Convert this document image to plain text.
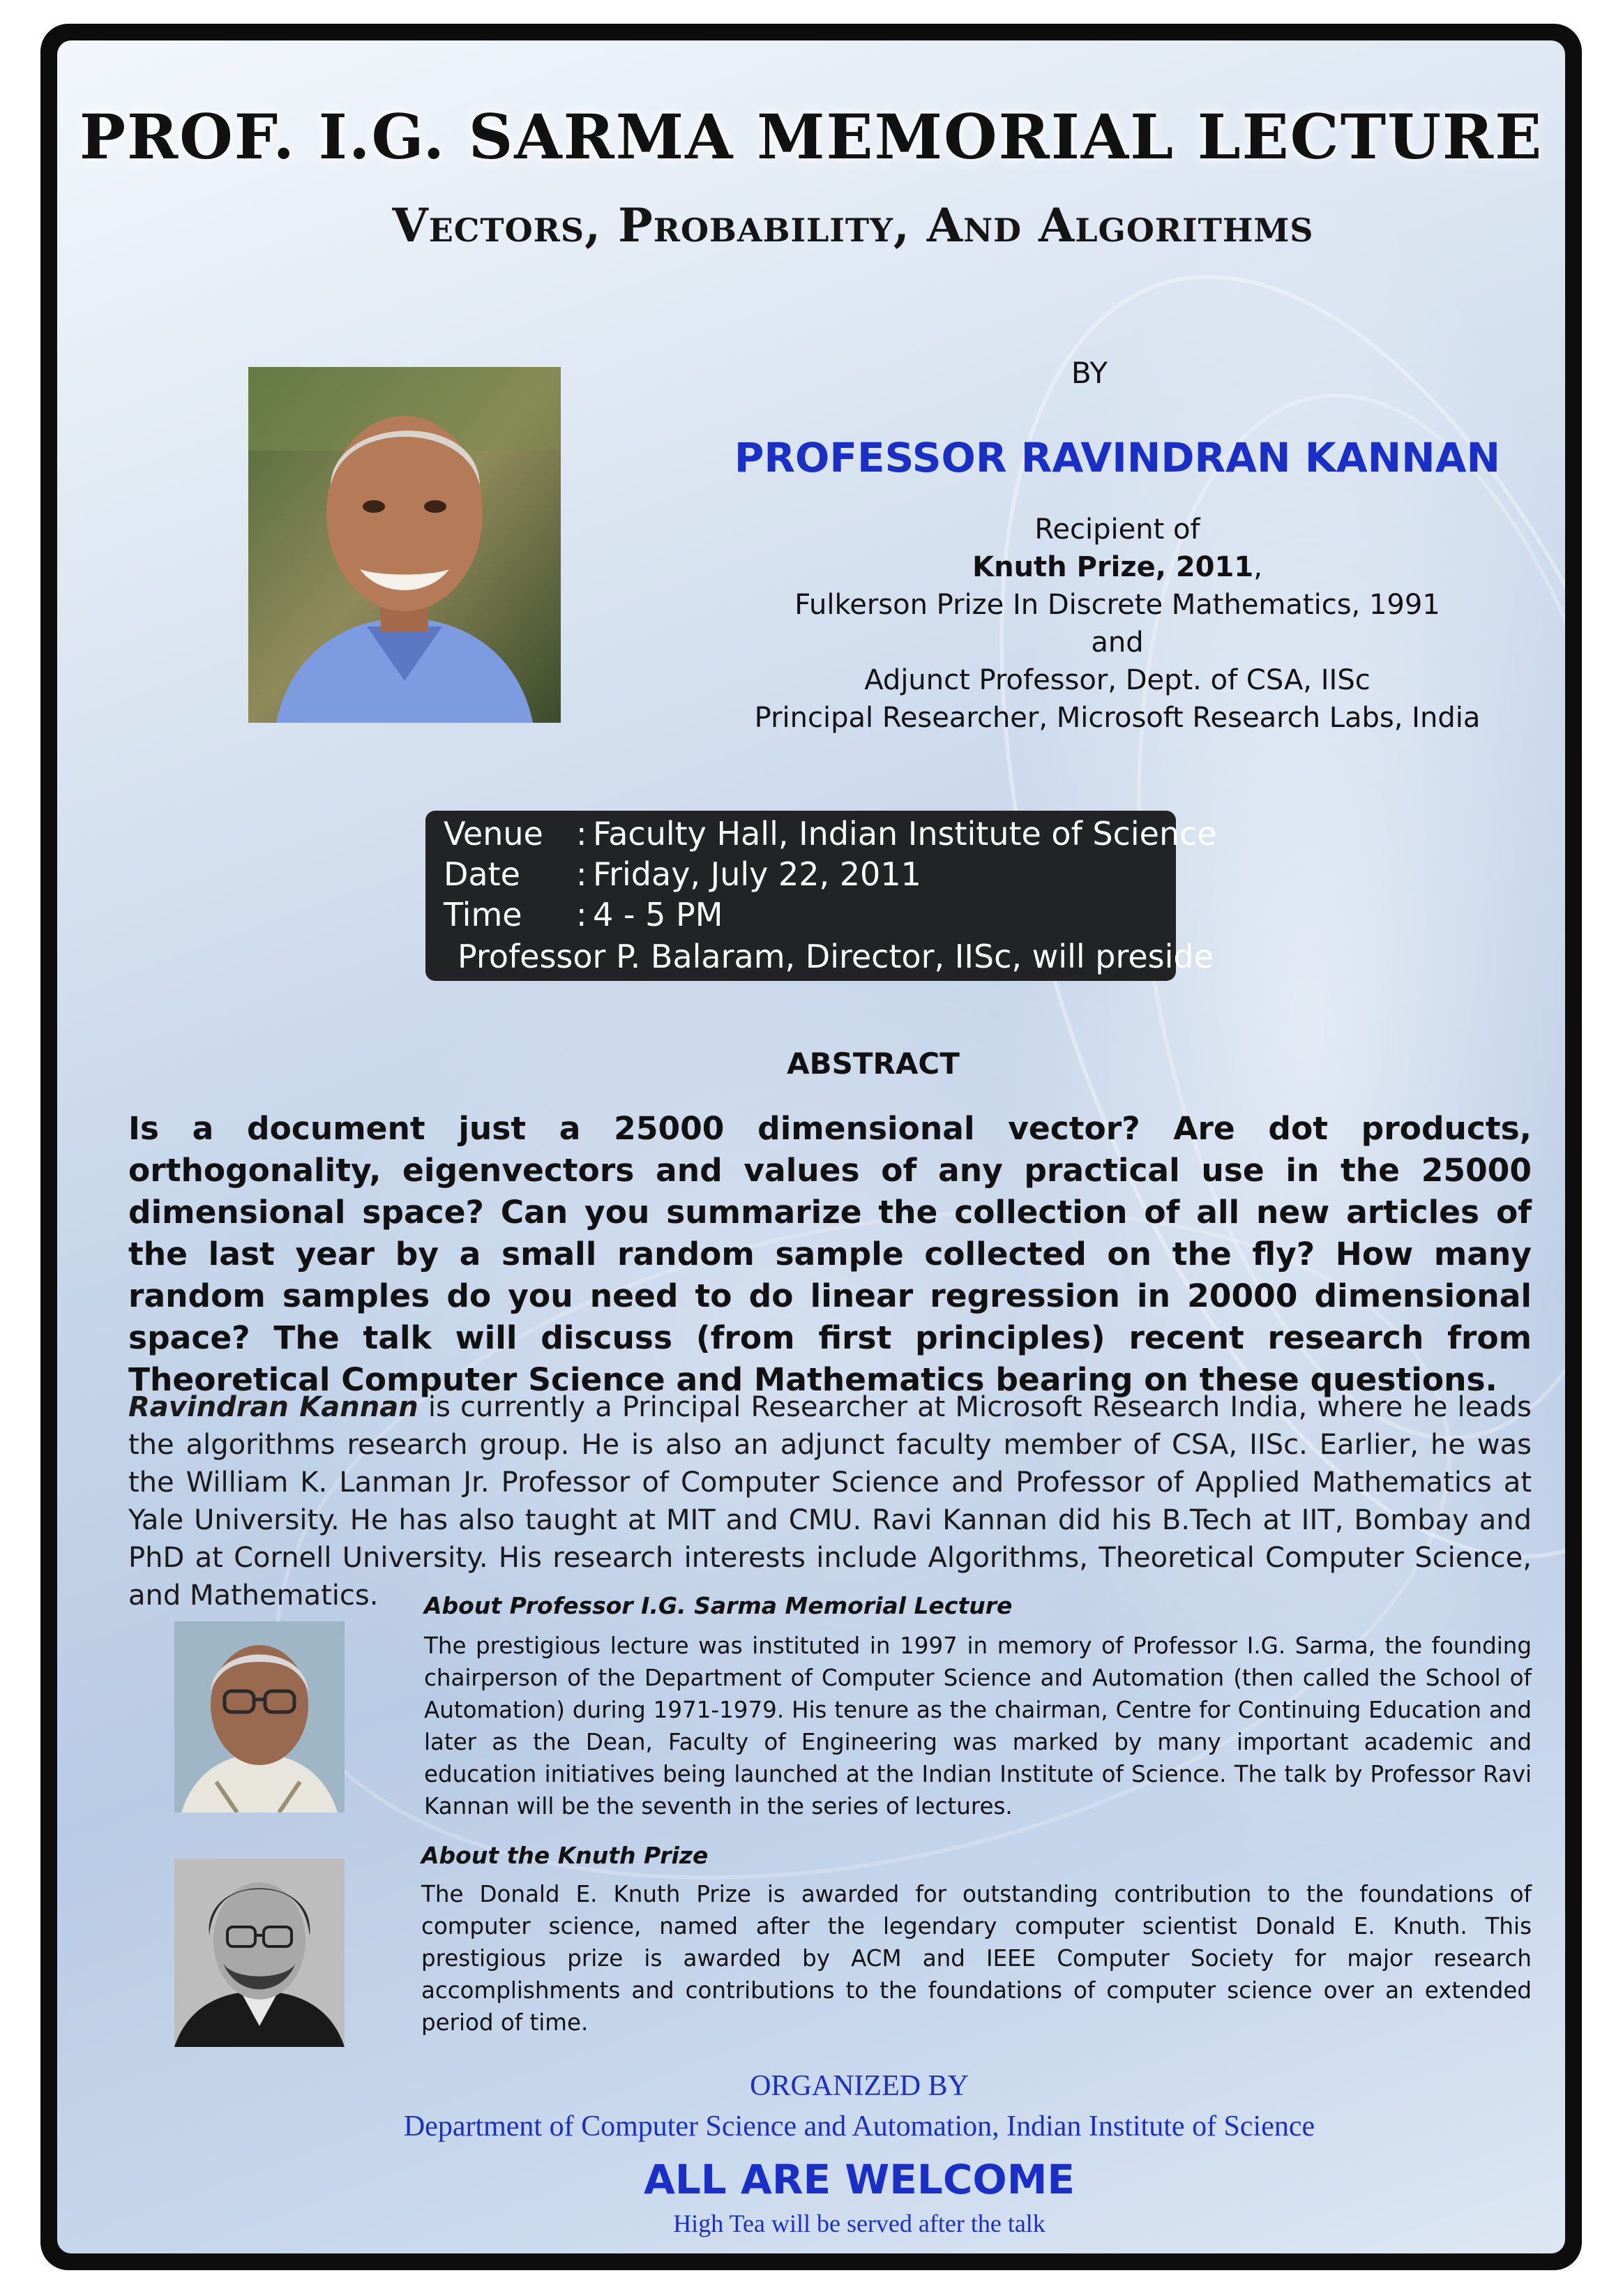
PROF. I.G. SARMA MEMORIAL LECTURE
Vectors, Probability, And Algorithms
BY
PROFESSOR RAVINDRAN KANNAN
Recipient of
Knuth Prize, 2011,
Fulkerson Prize In Discrete Mathematics, 1991
and
Adjunct Professor, Dept. of CSA, IISc
Principal Researcher, Microsoft Research Labs, India
Venue	: Faculty Hall, Indian Institute of Science
Date	: Friday, July 22, 2011
Time	: 4 - 5 PM
Professor P. Balaram, Director, IISc, will preside
ABSTRACT
Is a document just a 25000 dimensional vector? Are dot products, orthogonality, eigenvectors and values of any practical use in the 25000 dimensional space? Can you summarize the collection of all new articles of the last year by a small random sample collected on the fly? How many random samples do you need to do linear regression in 20000 dimensional space? The talk will discuss (from first principles) recent research from Theoretical Computer Science and Mathematics bearing on these questions.
Ravindran Kannan is currently a Principal Researcher at Microsoft Research India, where he leads the algorithms research group. He is also an adjunct faculty member of CSA, IISc. Earlier, he was the William K. Lanman Jr. Professor of Computer Science and Professor of Applied Mathematics at Yale University. He has also taught at MIT and CMU. Ravi Kannan did his B.Tech at IIT, Bombay and PhD at Cornell University. His research interests include Algorithms, Theoretical Computer Science, and Mathematics.	About Professor I.G. Sarma Memorial Lecture
The prestigious lecture was instituted in 1997 in memory of Professor I.G. Sarma, the founding chairperson of the Department of Computer Science and Automation (then called the School of Automation) during 1971-1979. His tenure as the chairman, Centre for Continuing Education and later as the Dean, Faculty of Engineering was marked by many important academic and education initiatives being launched at the Indian Institute of Science. The talk by Professor Ravi Kannan will be the seventh in the series of lectures.
About the Knuth Prize
The Donald E. Knuth Prize is awarded for outstanding contribution to the foundations of computer science, named after the legendary computer scientist Donald E. Knuth. This prestigious prize is awarded by ACM and IEEE Computer Society for major research accomplishments and contributions to the foundations of computer science over an extended period of time.
ORGANIZED BY
Department of Computer Science and Automation, Indian Institute of Science
ALL ARE WELCOME
High Tea will be served after the talk
